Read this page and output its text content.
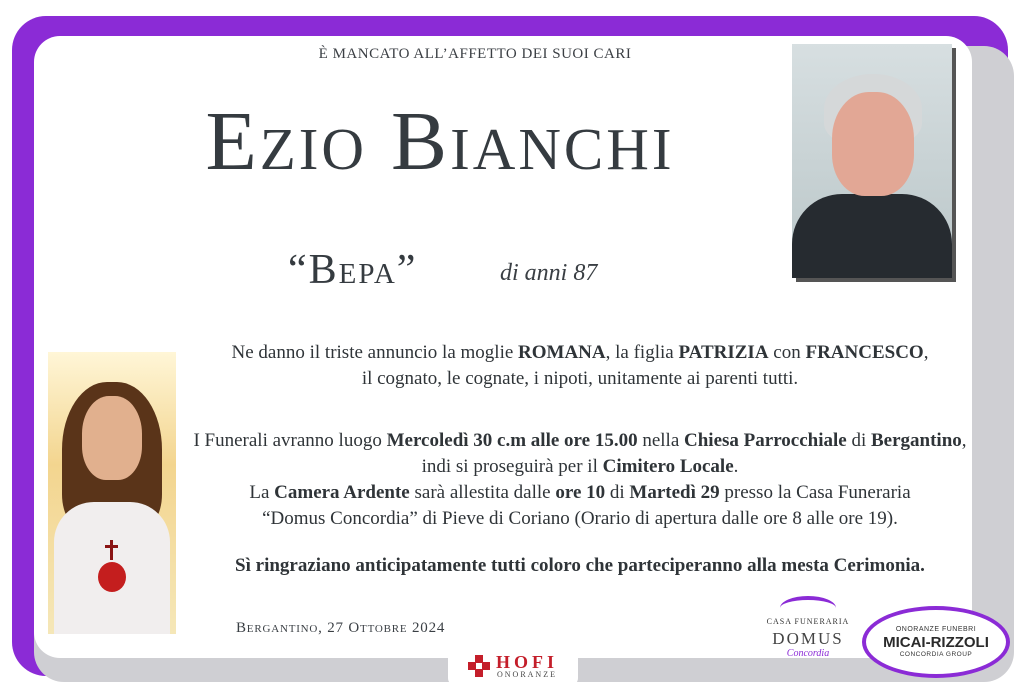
È MANCATO ALL’AFFETTO DEI SUOI CARI
Ezio Bianchi
“Bepa”	di anni 87
Ne danno il triste annuncio la moglie ROMANA, la figlia PATRIZIA con FRANCESCO,
il cognato, le cognate, i nipoti, unitamente ai parenti tutti.
I Funerali avranno luogo Mercoledì 30 c.m alle ore 15.00 nella Chiesa Parrocchiale di Bergantino,
indi si proseguirà per il Cimitero Locale.
La Camera Ardente sarà allestita dalle ore 10 di Martedì 29 presso la Casa Funeraria
“Domus Concordia” di Pieve di Coriano (Orario di apertura dalle ore 8 alle ore 19).
Sì ringraziano anticipatamente tutti coloro che parteciperanno alla mesta Cerimonia.
Bergantino, 27 Ottobre 2024
HOFI
ONORANZE
CASA FUNERARIA
DOMUS
Concordia
ONORANZE FUNEBRI
MICAI-RIZZOLI
CONCORDIA GROUP
